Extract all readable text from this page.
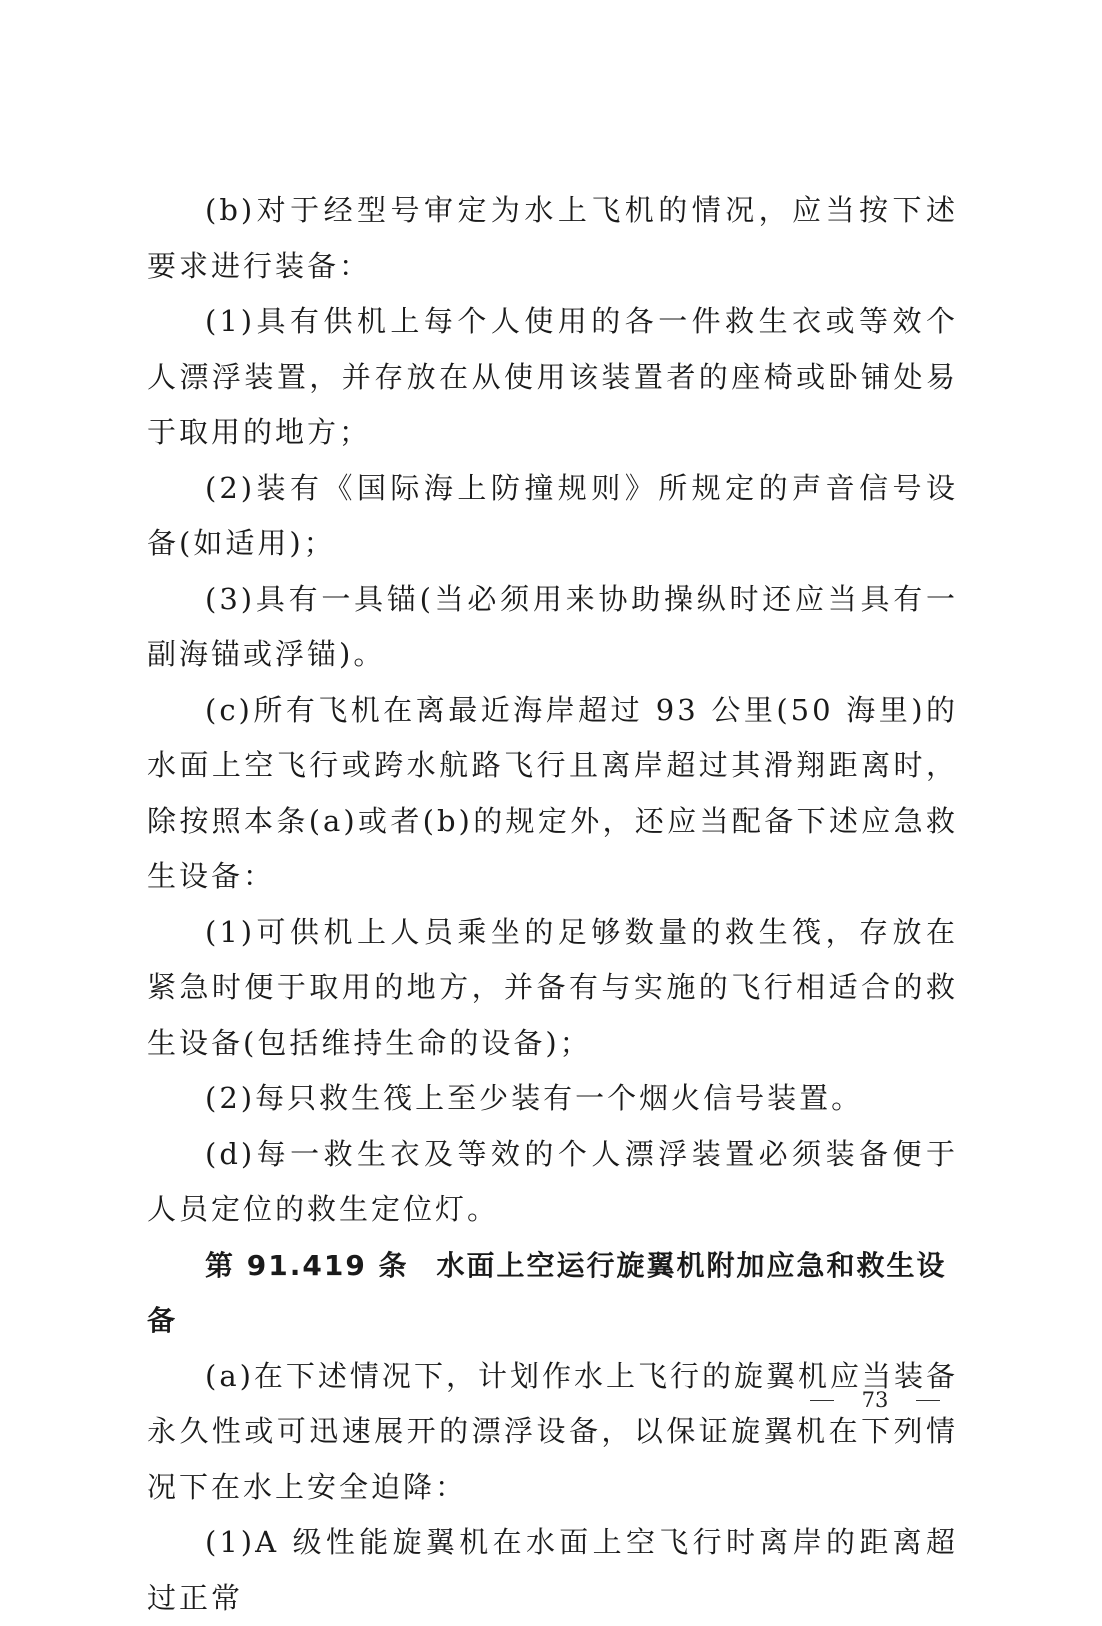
(b)对于经型号审定为水上飞机的情况，应当按下述要求进行装备：

(1)具有供机上每个人使用的各一件救生衣或等效个人漂浮装置，并存放在从使用该装置者的座椅或卧铺处易于取用的地方；

(2)装有《国际海上防撞规则》所规定的声音信号设备(如适用)；

(3)具有一具锚(当必须用来协助操纵时还应当具有一副海锚或浮锚)。

(c)所有飞机在离最近海岸超过 93 公里(50 海里)的水面上空飞行或跨水航路飞行且离岸超过其滑翔距离时，除按照本条(a)或者(b)的规定外，还应当配备下述应急救生设备：

(1)可供机上人员乘坐的足够数量的救生筏，存放在紧急时便于取用的地方，并备有与实施的飞行相适合的救生设备(包括维持生命的设备)；

(2)每只救生筏上至少装有一个烟火信号装置。

(d)每一救生衣及等效的个人漂浮装置必须装备便于人员定位的救生定位灯。

第 91.419 条 水面上空运行旋翼机附加应急和救生设备

(a)在下述情况下，计划作水上飞行的旋翼机应当装备永久性或可迅速展开的漂浮设备，以保证旋翼机在下列情况下在水上安全迫降：

(1)A 级性能旋翼机在水面上空飞行时离岸的距离超过正常

73
